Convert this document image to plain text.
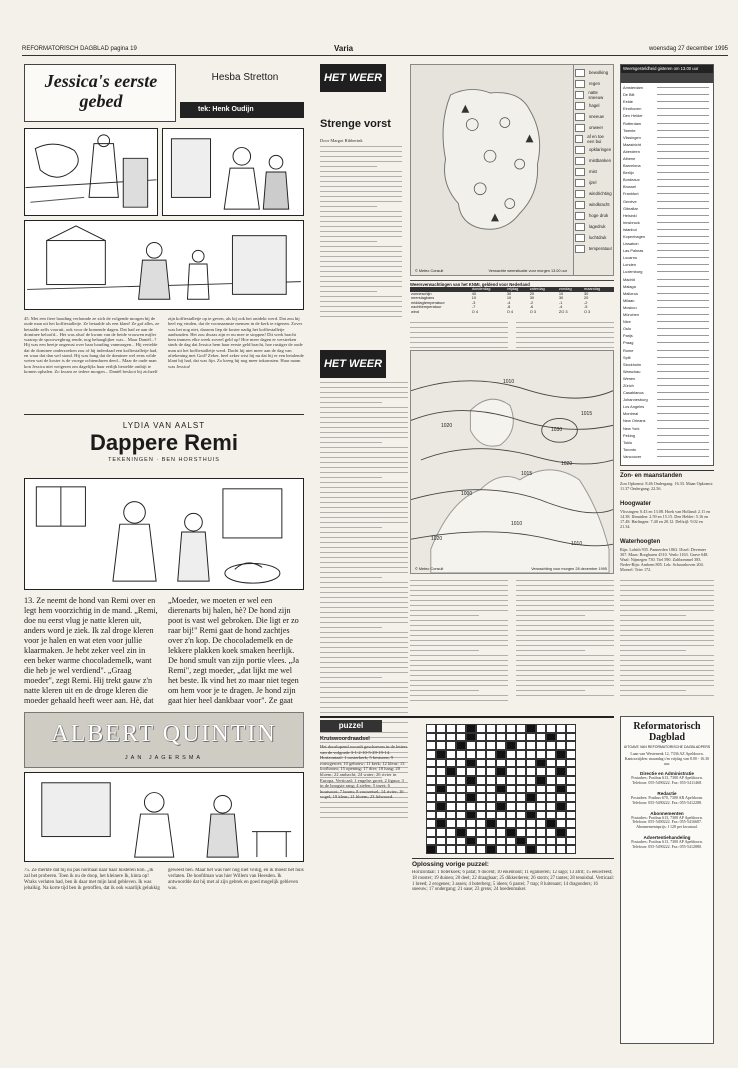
REFORMATORISCH DAGBLAD pagina 19	Varia	woensdag 27 december 1995
Jessica's eerste gebed
Hesba Stretton
tek: Henk Oudijn
45. Met een fiere houding verlonnde ze zich de volgende morgen bij de oude man uit het koffiestalletje. Ze betaalde als een klant! Ze gaf alles, ze betaalde zelfs vooruit, ook voor de komende dagen. Dat had ze aan de dominee beloofd... Het was alsof de kwam van de beide vrouwen mijler waarop de spoorwegbrug rende, nog behaaglijker was... Maar Daniël...? Hij was een beetje ongerust over haar houding vanmorgen... Hij vertelde dat de dominee onderzoeken zou of hij inderdaad een koffiestalletje had, en waar dat dan wel stond. Hij was bang dat de dominee wel eens wilde weten wat de koster is de vroege ochtenduren deed... Maar de oude man kon Jessica niet weigeren om dagelijks haar eetlijk bestelde ontbijt te komen ophalen. Zo kwam ze iedere morgen... Daniël besloot bij zichzelf zijn koffiestalletje op te geven, als hij ook het ontdekt werd. Dat zou hij heel erg vinden, dat de voornaamste mensen in de kerk te eigenen. Zover was het nog niet, daarom liep de koster nadig het koffiestalletje aanhouden. Het zou dwaas zijn er nu mee te stoppen! Dit werk bracht hem immers elke week zoveel geld op! Hoe meer dagen er verstreken sinds de dag dat Jessica hem haar eerste geld bracht, hoe rustiger de oude man uit het koffiestalletje werd. Dacht hij niet meer aan de dag van afrekening met God? Zeker, heel zeker wist hij nu dat hij er een betalende klant bij had, dat was fijn. Zo kreeg hij nog meer inkomsten. Haar naam was Jessica!
LYDIA VAN AALST
Dappere Remi
TEKENINGEN · BEN HORSTHUIS
13. Ze neemt de hond van Remi over en legt hem voorzichtig in de mand. „Remi, doe nu eerst vlug je natte kleren uit, anders word je ziek. Ik zal droge kleren voor je halen en wat eten voor jullie klaarmaken. Je hebt zeker veel zin in een beker warme chocolademelk, want die heb je wel verdiend". „Graag moeder", zegt Remi. Hij trekt gauw z'n natte kleren uit en de droge kleren die moeder gehaald heeft weer aan. Hè, dat
„Moeder, we moeten er wel een dierenarts bij halen, hè? De hond zijn poot is vast wel gebroken. Die ligt er zo raar bij!" Remi gaat de hond zachtjes over z'n kop. De chocolademelk en de lekkere plakken koek smaken heerlijk. De hond smult van zijn portie vlees. „Ja Remi", zegt moeder, „dat lijkt me wel het beste. Ik vind het zo maar niet tegen om hem voor je te dragen. Je hond zijn gaat hier heel dankbaar voor". Ze gaat
ALBERT QUINTIN
JAN JAGERSMA
75. Ze merkte dat hij nu pas normaal naar haar luisteren kon. „Ik zal het proberen. Toen ik nu de doop, het kleinere Ik, kinta op! Wraks verlaten had, ben ik daar met mijn land gebleven. Ik was jebalkig. Na korte tijd ben ik getroffen, dat ik ook waarlijk gelukkig geweest ben. Maar het was hier nog niet veilig, en ik moest het huis verlaten. De hoofdman was hier Willem van Heesden. Ik antwoordde dat hij met al zijn gebrek en goed mogelijk gebleven was.
HET WEER
Strenge vorst
Door Margot Ribberink
© Meteo Consult	Verwachte weersituatie voor morgen 13.00 uur
bewolking
regen
natte sneeuw
hagel
sneeuw
onweer
af en toe een bui
opklaringen
mistbanken
mist
ijzel
windrichting
windkracht
hoge druk
lagedruk
luchtdruk
temperatuur
Weersverwachtingen van het KNMI, geldend voor Nederland
	donderdag	vrijdag	zaterdag	zondag	maandag
zonneschijn	40	30	20	10	30
neerslagkans	10	10	30	30	20
middagtemperatuur	-3	-4	-2	-1	-2
nachttemperatuur	-7	-8	-6	-4	-5
wind	O 4	O 4	O 3	ZO 3	O 3
Weersgesteldheid gisteren om 13.00 uur
Amsterdam
De Bilt
Eelde
Eindhoven
Den Helder
Rotterdam
Twente
Vlissingen
Maastricht
Aberdeen
Athene
Barcelona
Berlijn
Bordeaux
Brussel
Frankfurt
Genève
Gibraltar
Helsinki
Innsbruck
Istanbul
Kopenhagen
Lissabon
Las Palmas
Locarno
Londen
Luxemburg
Madrid
Malaga
Mallorca
Milaan
Moskou
München
Nice
Oslo
Parijs
Praag
Rome
Split
Stockholm
Warschau
Wenen
Zürich
Casablanca
Johannesburg
Los Angeles
Montreal
New Orleans
New York
Peking
Tokio
Toronto
Vancouver
HET WEER
1010
1015
1020
1030
1020
1000
1010
1020
1010
1015
© Meteo Consult	Verwachting voor morgen 28 december 1995
Zon- en maanstanden
Zon Opkomst: 8.46 Ondergang: 16.33. Maan Opkomst: 11.37 Ondergang: 22.56.
Hoogwater
Vlissingen: 0.43 en 13.08. Hoek van Holland: 2.11 en 14.38. IJmuiden: 2.59 en 15.15. Den Helder: 5.16 en 17.48. Harlingen: 7.40 en 20.12. Delfzijl: 9.02 en 21.34.
Waterhoogten
Rijn: Lobith 935. Pannerden 1063. IJssel: Deventer 307. Maas: Borgharen 4510. Venlo 1163. Grave 648. Waal: Nijmegen 730. Tiel 590. Zaltbommel 383. Neder-Rijn: Arnhem 805. Lek: Schoonhoven 204. Moezel: Trier 172.
puzzel
Kruiswoordraadsel
Het doorlopend woordt geschreven in de letters van de volgorde 3-1-2-10-5-29-19-14. Horizontaal: 1 oosterkerk; 5 besturen; 9 rouwgeroei; 10 gebouw; 11 kerk; 12 kleur; 13 loofboom; 15 opening; 17 dier; 18 haag; 20 bloem; 22 ambacht; 24 water; 26 rivier in Europa. Verticaal: 1 engelse groet; 2 figuur; 3 in de hoogste rang; 4 stelen; 5 inzet; 6 houtsoort; 7 boom; 8 voorzetsel; 14 rivier; 16 vogel; 19 kleur; 21 bloem; 23 lidwoord.
Oplossing vorige puzzel:
Horizontaal: 1 boterkoek; 6 patat; 9 docent; 10 eikenhout; 11 egaliseren; 12 sago; 13 afrit; 15 eeuwfeest; 18 rooster; 19 duinen; 20 deel; 22 draagbaar; 25 dikkerderen; 26 storm; 27 tantes; 28 tennisbal. Verticaal: 1 breed; 2 erogenes; 3 assen; 4 boterberg; 5 ideen; 6 pastei; 7 trap; 8 luitenant; 14 dragonders; 16 sneeuw; 17 ondergang; 21 oase; 23 grens; 24 hoedenmaker.
Reformatorisch Dagblad
UITGAVE VAN REFORMATORISCHE DAGBLADPERS
Laan van Westenenk 12, 7336 AZ Apeldoorn. Kantoortijden: maandag t/m vrijdag van 8.00 - 16.30 uur.
Directie en Administratie
Postadres: Postbus 613, 7300 AP Apeldoorn. Telefoon: 055-5490222. Fax: 055-5411468.
Redactie
Postadres: Postbus 670, 7300 AR Apeldoorn. Telefoon: 055-5490222. Fax: 055-5412288.
Abonnementen
Postadres: Postbus 613, 7300 AP Apeldoorn. Telefoon: 055-5490222. Fax: 055-5416687. Abonnementsprijs: f 128 per kwartaal.
Advertentiehandeling
Postadres: Postbus 613, 7300 AP Apeldoorn. Telefoon: 055-5490222. Fax: 055-5412880.
